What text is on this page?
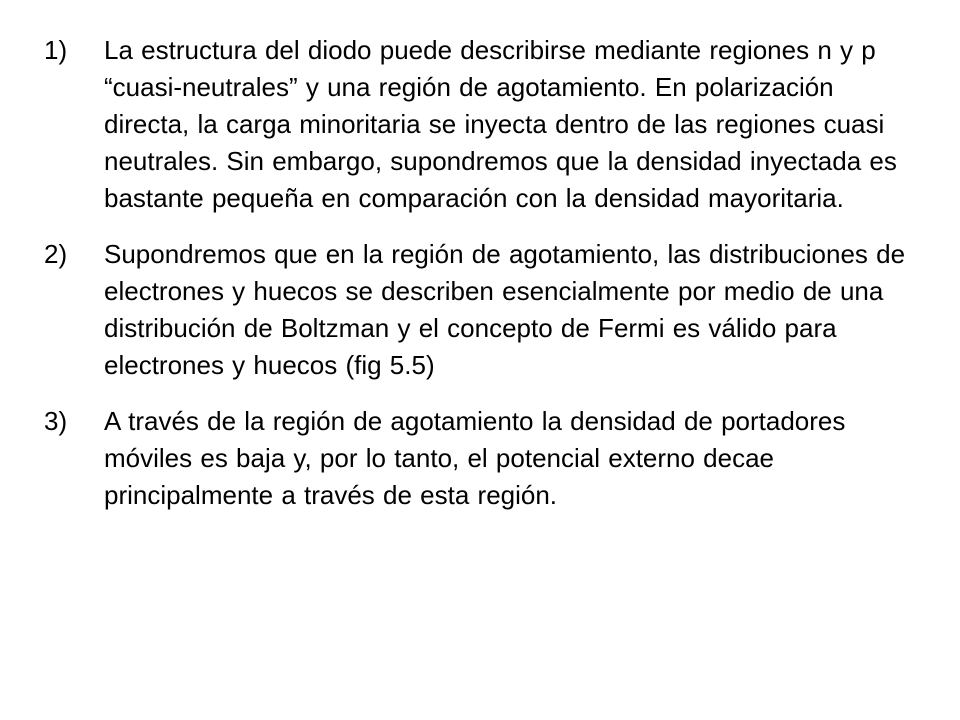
1)	La estructura del diodo puede describirse mediante regiones n y p “cuasi-neutrales” y una región de agotamiento. En polarización directa, la carga minoritaria se inyecta dentro de las regiones cuasi neutrales. Sin embargo, supondremos que la densidad inyectada es bastante pequeña en comparación con la densidad mayoritaria.
2)	Supondremos que en la región de agotamiento, las distribuciones de electrones y huecos se describen esencialmente por medio de una distribución de Boltzman y el concepto de Fermi es válido para electrones y huecos (fig 5.5)
3)	A través de la región de agotamiento la densidad de portadores móviles es baja y, por lo tanto, el potencial externo decae principalmente a través de esta región.
